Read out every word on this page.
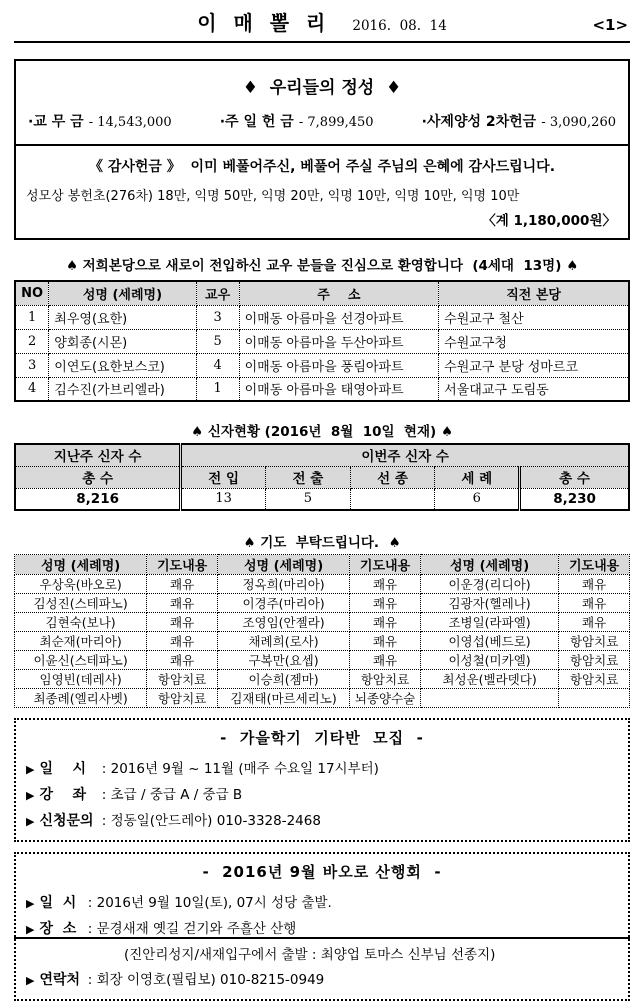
이 매 뽈 리 2016.  08.  14	<1>
♦  우리들의 정성  ♦
·교 무 금 - 14,543,000	·주 일 헌 금 - 7,899,450	·사제양성 2차헌금 - 3,090,260
《 감사헌금 》  이미 베풀어주신, 베풀어 주실 주님의 은혜에 감사드립니다.
성모상 봉헌초(276차) 18만, 익명 50만, 익명 20만, 익명 10만, 익명 10만, 익명 10만
〈계 1,180,000원〉
♠ 저희본당으로 새로이 전입하신 교우 분들을 진심으로 환영합니다  (4세대  13명) ♠
NO	성명 (세례명)	교우	주    소	직전 본당
1	최우영(요한)	3	이매동 아름마을 선경아파트	수원교구 철산
2	양회종(시몬)	5	이매동 아름마을 두산아파트	수원교구청
3	이연도(요한보스코)	4	이매동 아름마을 풍림아파트	수원교구 분당 성마르코
4	김수진(가브리엘라)	1	이매동 아름마을 태영아파트	서울대교구 도림동
♠ 신자현황 (2016년  8월  10일  현재) ♠
지난주 신자 수	이번주 신자 수				
총 수	전 입	전 출	선 종	세 례	총 수
8,216	13	5		6	8,230
♠ 기도  부탁드립니다.  ♠
성명 (세례명)	기도내용	성명 (세례명)	기도내용	성명 (세례명)	기도내용
우상욱(바오로)	쾌유	정옥희(마리아)	쾌유	이운경(리디아)	쾌유
김성진(스테파노)	쾌유	이경주(마리아)	쾌유	김광자(헬레나)	쾌유
김현숙(보나)	쾌유	조영임(안젤라)	쾌유	조병일(라파엘)	쾌유
최순재(마리아)	쾌유	채례희(로사)	쾌유	이영섭(베드로)	항암치료
이윤신(스테파노)	쾌유	구복만(요셉)	쾌유	이성철(미카엘)	항암치료
임영빈(데레사)	항암치료	이승희(젬마)	항암치료	최성운(벨라뎃다)	항암치료
최종례(엘리사벳)	항암치료	김재태(마르세리노)	뇌종양수술		
-  가을학기  기타반  모집  -
▶ 일    시 : 2016년 9월 ~ 11월 (매주 수요일 17시부터)
▶ 강    좌 : 초급 / 중급 A / 중급 B
▶ 신청문의 : 정동일(안드레아) 010-3328-2468
-  2016년 9월 바오로 산행회  -
▶ 일  시 : 2016년 9월 10일(토), 07시 성당 출발.
▶ 장  소 : 문경새재 옛길 걷기와 주흘산 산행
(진안리성지/새재입구에서 출발 : 최양업 토마스 신부님 선종지)
▶ 연락처 : 회장 이영호(필립보) 010-8215-0949
